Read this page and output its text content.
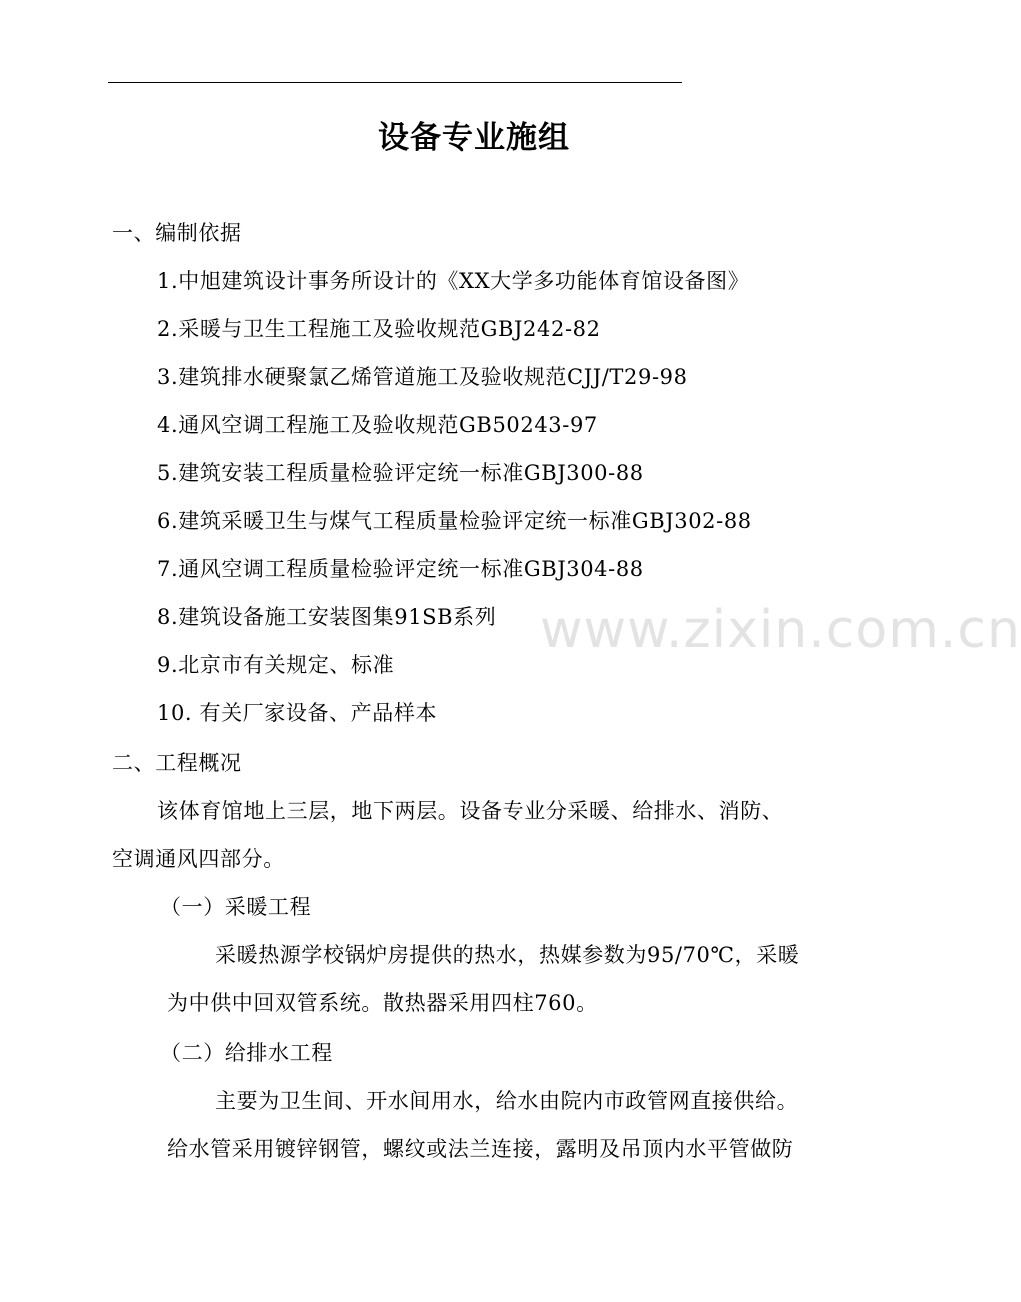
设备专业施组
一、编制依据
1.中旭建筑设计事务所设计的《XX大学多功能体育馆设备图》
2.采暖与卫生工程施工及验收规范GBJ242-82
3.建筑排水硬聚氯乙烯管道施工及验收规范CJJ/T29-98
4.通风空调工程施工及验收规范GB50243-97
5.建筑安装工程质量检验评定统一标准GBJ300-88
6.建筑采暖卫生与煤气工程质量检验评定统一标准GBJ302-88
7.通风空调工程质量检验评定统一标准GBJ304-88
8.建筑设备施工安装图集91SB系列
9.北京市有关规定、标准
10. 有关厂家设备、产品样本
二、工程概况
该体育馆地上三层，地下两层。设备专业分采暖、给排水、消防、
空调通风四部分。
（一）采暖工程
采暖热源学校锅炉房提供的热水，热媒参数为95/70℃，采暖
为中供中回双管系统。散热器采用四柱760。
（二）给排水工程
主要为卫生间、开水间用水，给水由院内市政管网直接供给。
给水管采用镀锌钢管，螺纹或法兰连接，露明及吊顶内水平管做防
www.zixin.com.cn
